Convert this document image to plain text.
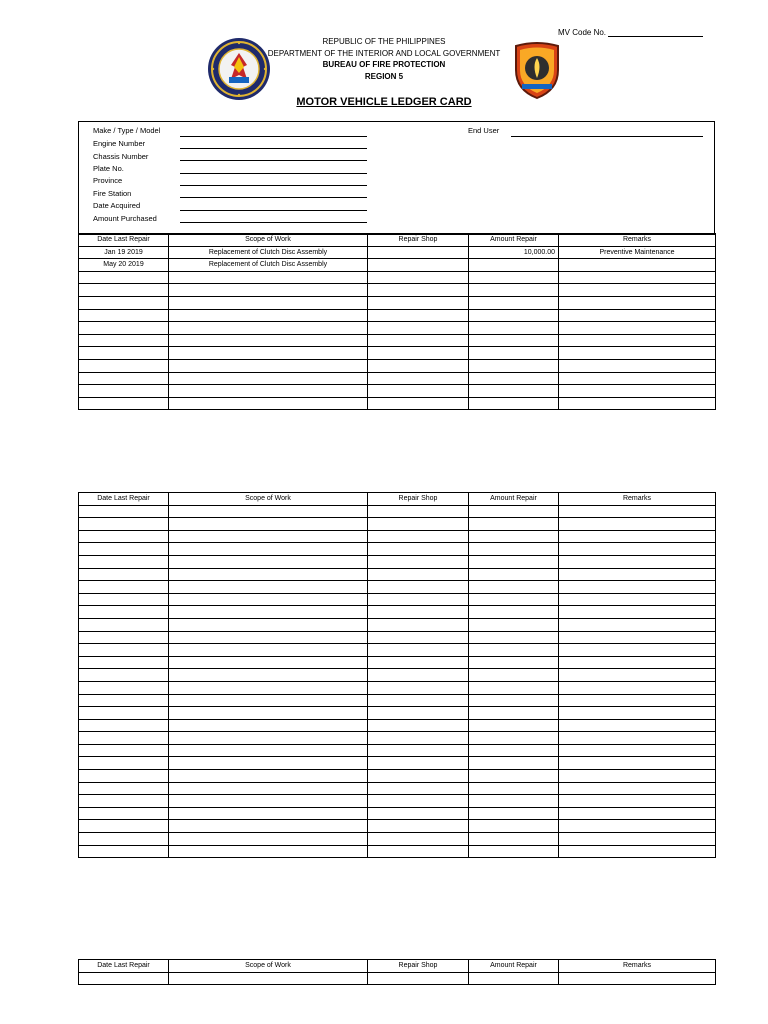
MV Code No.
REPUBLIC OF THE PHILIPPINES
DEPARTMENT OF THE INTERIOR AND LOCAL GOVERNMENT
BUREAU OF FIRE PROTECTION
REGION 5
MOTOR VEHICLE LEDGER CARD
Make / Type / Model
Engine Number
Chassis Number
Plate No.
Province
Fire Station
Date Acquired
Amount Purchased
End User
Date Last Repair	Scope of Work	Repair Shop	Amount Repair	Remarks
Jan 19 2019	Replacement of Clutch Disc Assembly		10,000.00	Preventive Maintenance
May 20 2019	Replacement of Clutch Disc Assembly			

Date Last Repair	Scope of Work	Repair Shop	Amount Repair	Remarks

Date Last Repair	Scope of Work	Repair Shop	Amount Repair	Remarks
